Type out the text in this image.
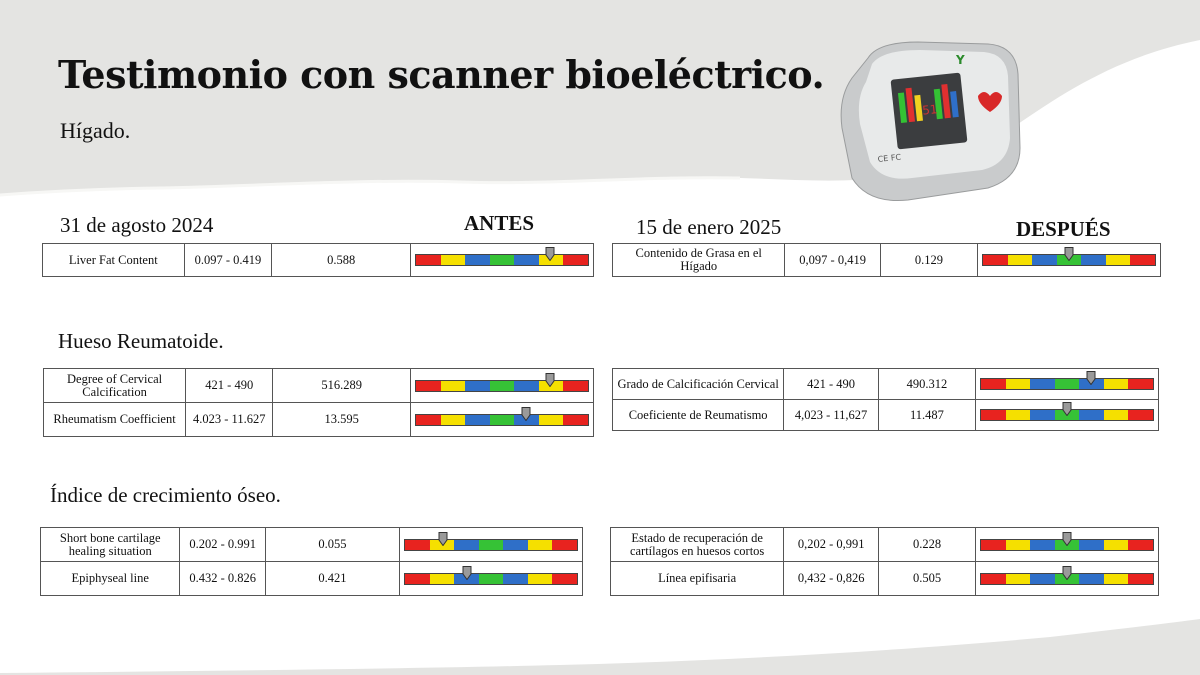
Testimonio con scanner bioeléctrico.
Hígado.
51
Y
CE FC
31 de agosto 2024	ANTES	15 de enero 2025	DESPUÉS
Hueso Reumatoide.
Índice de crecimiento óseo.
Liver Fat Content	0.097 - 0.419	0.588		Contenido de Grasa en el Hígado	0,097 - 0,419	0.129	
Degree of Cervical Calcification	421 - 490	516.289	

Rheumatism Coefficient	4.023 - 11.627	13.595	
Grado de Calcificación Cervical	421 - 490	490.312	

Coeficiente de Reumatismo	4,023 - 11,627	11.487	
Short bone cartilage healing situation	0.202 - 0.991	0.055	

Epiphyseal line	0.432 - 0.826	0.421	
Estado de recuperación de cartílagos en huesos cortos	0,202 - 0,991	0.228	

Línea epifisaria	0,432 - 0,826	0.505	
